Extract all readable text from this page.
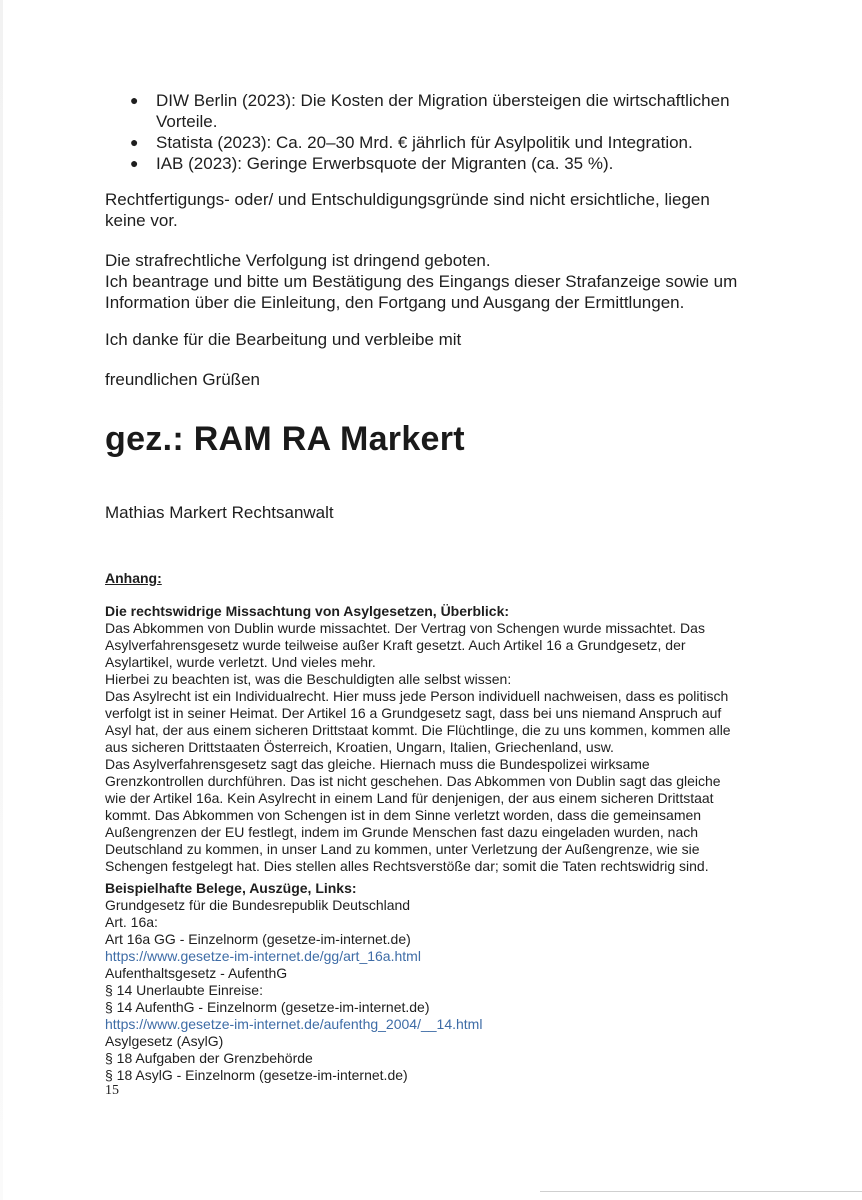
● DIW Berlin (2023): Die Kosten der Migration übersteigen die wirtschaftlichen Vorteile.
● Statista (2023): Ca. 20–30 Mrd. € jährlich für Asylpolitik und Integration.
● IAB (2023): Geringe Erwerbsquote der Migranten (ca. 35 %).

Rechtfertigungs- oder/ und Entschuldigungsgründe sind nicht ersichtliche, liegen keine vor.

Die strafrechtliche Verfolgung ist dringend geboten.
Ich beantrage und bitte um Bestätigung des Eingangs dieser Strafanzeige sowie um Information über die Einleitung, den Fortgang und Ausgang der Ermittlungen.

Ich danke für die Bearbeitung und verbleibe mit

freundlichen Grüßen

gez.: RAM RA Markert

Mathias Markert Rechtsanwalt

Anhang:

Die rechtswidrige Missachtung von Asylgesetzen, Überblick:
Das Abkommen von Dublin wurde missachtet. Der Vertrag von Schengen wurde missachtet. Das Asylverfahrensgesetz wurde teilweise außer Kraft gesetzt. Auch Artikel 16 a Grundgesetz, der Asylartikel, wurde verletzt. Und vieles mehr.
Hierbei zu beachten ist, was die Beschuldigten alle selbst wissen:
Das Asylrecht ist ein Individualrecht. Hier muss jede Person individuell nachweisen, dass es politisch verfolgt ist in seiner Heimat. Der Artikel 16 a Grundgesetz sagt, dass bei uns niemand Anspruch auf Asyl hat, der aus einem sicheren Drittstaat kommt. Die Flüchtlinge, die zu uns kommen, kommen alle aus sicheren Drittstaaten Österreich, Kroatien, Ungarn, Italien, Griechenland, usw.
Das Asylverfahrensgesetz sagt das gleiche. Hiernach muss die Bundespolizei wirksame Grenzkontrollen durchführen. Das ist nicht geschehen. Das Abkommen von Dublin sagt das gleiche wie der Artikel 16a. Kein Asylrecht in einem Land für denjenigen, der aus einem sicheren Drittstaat kommt. Das Abkommen von Schengen ist in dem Sinne verletzt worden, dass die gemeinsamen Außengrenzen der EU festlegt, indem im Grunde Menschen fast dazu eingeladen wurden, nach Deutschland zu kommen, in unser Land zu kommen, unter Verletzung der Außengrenze, wie sie Schengen festgelegt hat. Dies stellen alles Rechtsverstöße dar; somit die Taten rechtswidrig sind.
Beispielhafte Belege, Auszüge, Links:
Grundgesetz für die Bundesrepublik Deutschland
Art. 16a:
Art 16a GG - Einzelnorm (gesetze-im-internet.de)
https://www.gesetze-im-internet.de/gg/art_16a.html
Aufenthaltsgesetz - AufenthG
§ 14 Unerlaubte Einreise:
§ 14 AufenthG - Einzelnorm (gesetze-im-internet.de)
https://www.gesetze-im-internet.de/aufenthg_2004/__14.html
Asylgesetz (AsylG)
§ 18 Aufgaben der Grenzbehörde
§ 18 AsylG - Einzelnorm (gesetze-im-internet.de)

15
